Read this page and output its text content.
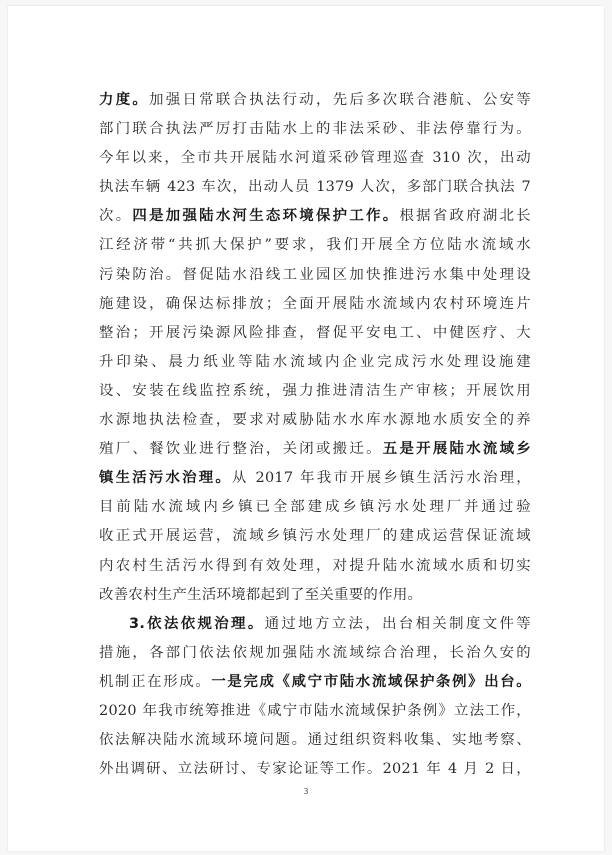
力度。加强日常联合执法行动，先后多次联合港航、公安等
部门联合执法严厉打击陆水上的非法采砂、非法停靠行为。
今年以来，全市共开展陆水河道采砂管理巡查 310 次，出动
执法车辆 423 车次，出动人员 1379 人次，多部门联合执法 7
次。四是加强陆水河生态环境保护工作。根据省政府湖北长
江经济带“共抓大保护”要求，我们开展全方位陆水流域水
污染防治。督促陆水沿线工业园区加快推进污水集中处理设
施建设，确保达标排放；全面开展陆水流域内农村环境连片
整治；开展污染源风险排查，督促平安电工、中健医疗、大
升印染、晨力纸业等陆水流域内企业完成污水处理设施建
设、安装在线监控系统，强力推进清洁生产审核；开展饮用
水源地执法检查，要求对威胁陆水水库水源地水质安全的养
殖厂、餐饮业进行整治，关闭或搬迁。五是开展陆水流域乡
镇生活污水治理。从 2017 年我市开展乡镇生活污水治理，
目前陆水流域内乡镇已全部建成乡镇污水处理厂并通过验
收正式开展运营，流域乡镇污水处理厂的建成运营保证流域
内农村生活污水得到有效处理，对提升陆水流域水质和切实
改善农村生产生活环境都起到了至关重要的作用。
3.依法依规治理。通过地方立法，出台相关制度文件等
措施，各部门依法依规加强陆水流域综合治理，长治久安的
机制正在形成。一是完成《咸宁市陆水流域保护条例》出台。
2020 年我市统筹推进《咸宁市陆水流域保护条例》立法工作，
依法解决陆水流域环境问题。通过组织资料收集、实地考察、
外出调研、立法研讨、专家论证等工作。2021 年 4 月 2 日，
3
